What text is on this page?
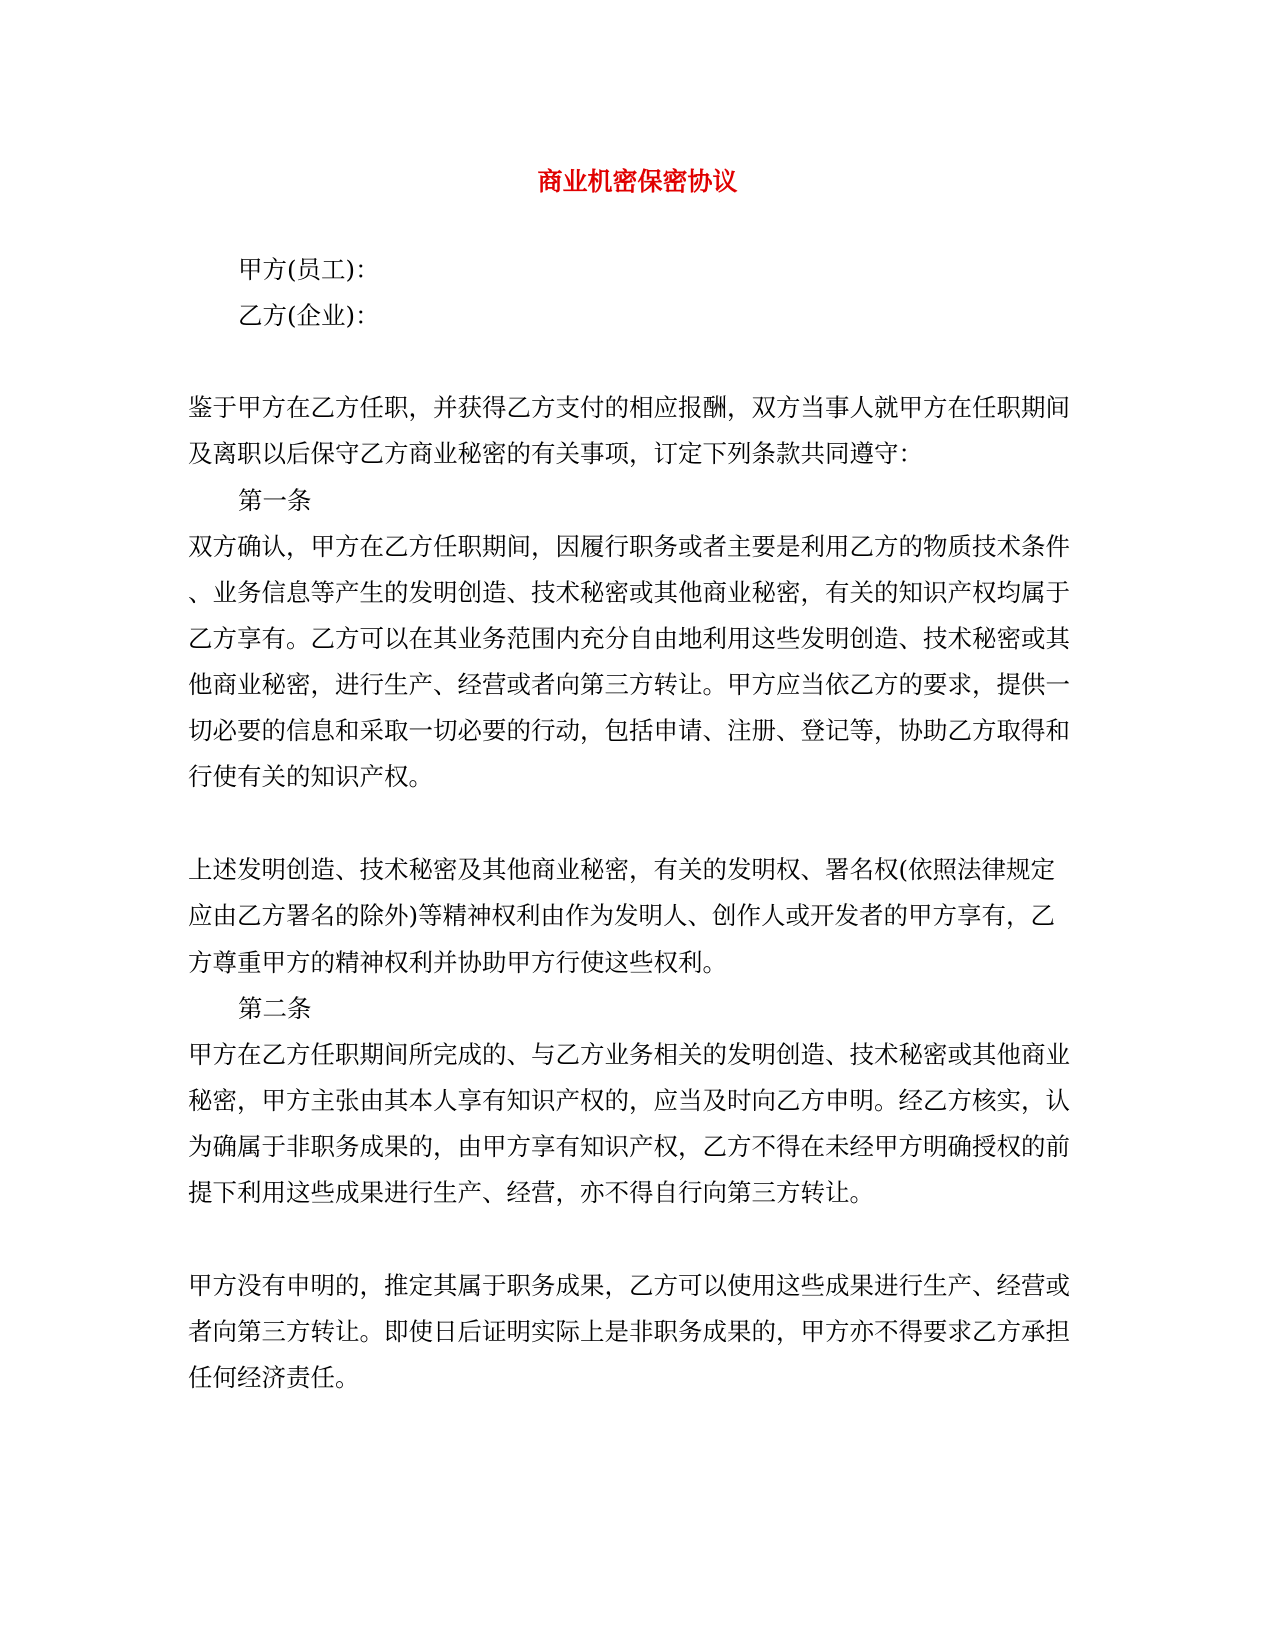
商业机密保密协议
甲方(员工)：
乙方(企业)：
鉴于甲方在乙方任职，并获得乙方支付的相应报酬，双方当事人就甲方在任职期间
及离职以后保守乙方商业秘密的有关事项，订定下列条款共同遵守：
第一条
双方确认，甲方在乙方任职期间，因履行职务或者主要是利用乙方的物质技术条件
、业务信息等产生的发明创造、技术秘密或其他商业秘密，有关的知识产权均属于
乙方享有。乙方可以在其业务范围内充分自由地利用这些发明创造、技术秘密或其
他商业秘密，进行生产、经营或者向第三方转让。甲方应当依乙方的要求，提供一
切必要的信息和采取一切必要的行动，包括申请、注册、登记等，协助乙方取得和
行使有关的知识产权。
上述发明创造、技术秘密及其他商业秘密，有关的发明权、署名权(依照法律规定
应由乙方署名的除外)等精神权利由作为发明人、创作人或开发者的甲方享有，乙
方尊重甲方的精神权利并协助甲方行使这些权利。
第二条
甲方在乙方任职期间所完成的、与乙方业务相关的发明创造、技术秘密或其他商业
秘密，甲方主张由其本人享有知识产权的，应当及时向乙方申明。经乙方核实，认
为确属于非职务成果的，由甲方享有知识产权，乙方不得在未经甲方明确授权的前
提下利用这些成果进行生产、经营，亦不得自行向第三方转让。
甲方没有申明的，推定其属于职务成果，乙方可以使用这些成果进行生产、经营或
者向第三方转让。即使日后证明实际上是非职务成果的，甲方亦不得要求乙方承担
任何经济责任。
